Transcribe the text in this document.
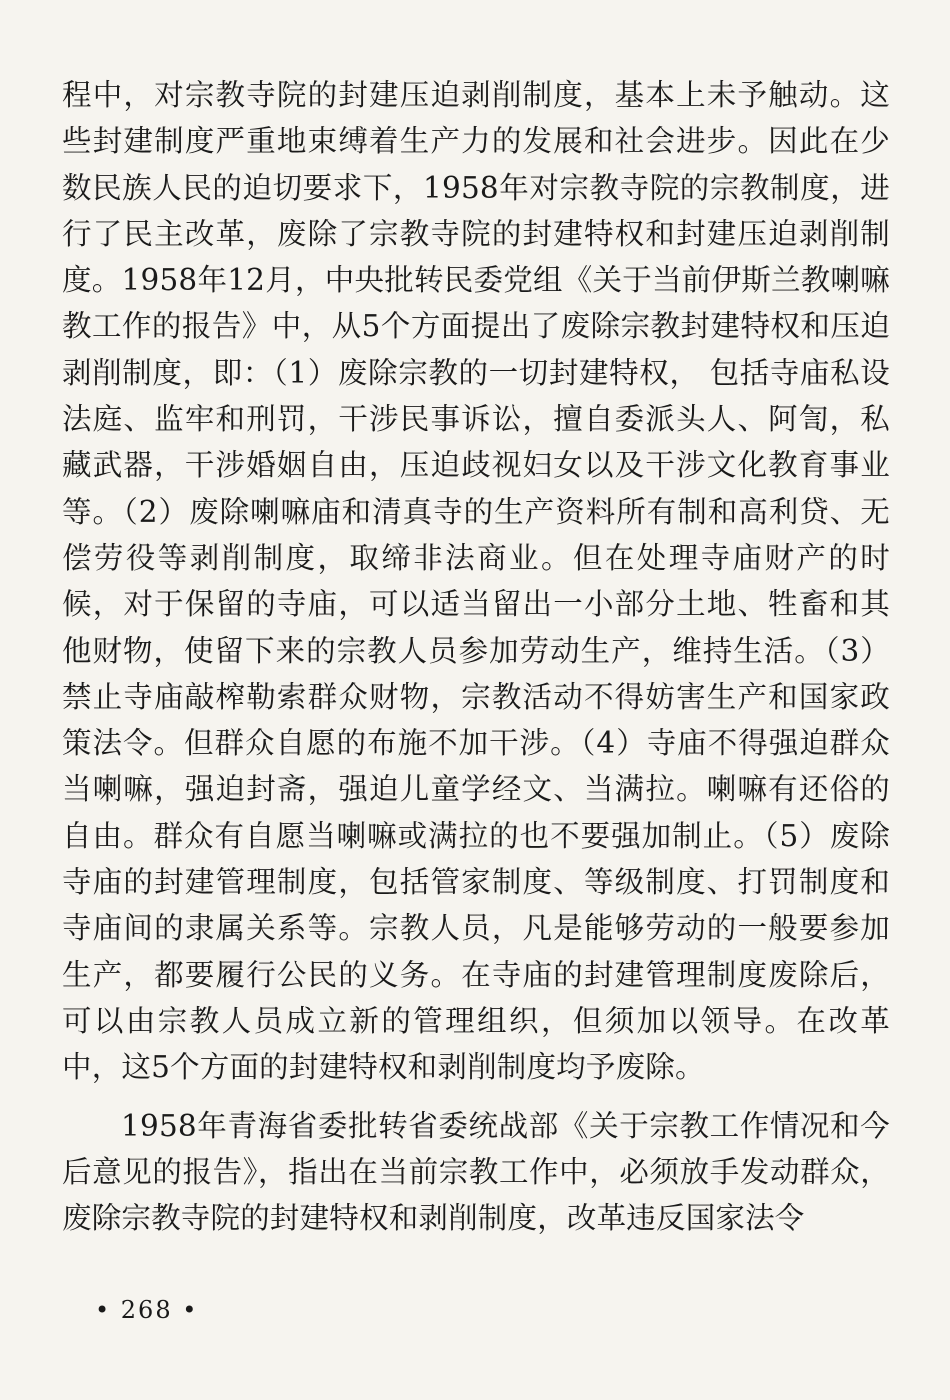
程中，对宗教寺院的封建压迫剥削制度，基本上未予触动。这些封建制度严重地束缚着生产力的发展和社会进步。因此在少数民族人民的迫切要求下，1958年对宗教寺院的宗教制度，进行了民主改革，废除了宗教寺院的封建特权和封建压迫剥削制度。1958年12月，中央批转民委党组《关于当前伊斯兰教喇嘛教工作的报告》中，从5个方面提出了废除宗教封建特权和压迫剥削制度，即：（1）废除宗教的一切封建特权， 包括寺庙私设法庭、监牢和刑罚，干涉民事诉讼，擅自委派头人、阿訇，私藏武器，干涉婚姻自由，压迫歧视妇女以及干涉文化教育事业等。（2）废除喇嘛庙和清真寺的生产资料所有制和高利贷、无偿劳役等剥削制度，取缔非法商业。但在处理寺庙财产的时候，对于保留的寺庙，可以适当留出一小部分土地、牲畜和其他财物，使留下来的宗教人员参加劳动生产，维持生活。（3）禁止寺庙敲榨勒索群众财物，宗教活动不得妨害生产和国家政策法令。但群众自愿的布施不加干涉。（4）寺庙不得强迫群众当喇嘛，强迫封斋，强迫儿童学经文、当满拉。喇嘛有还俗的自由。群众有自愿当喇嘛或满拉的也不要强加制止。（5）废除寺庙的封建管理制度，包括管家制度、等级制度、打罚制度和寺庙间的隶属关系等。宗教人员，凡是能够劳动的一般要参加生产，都要履行公民的义务。在寺庙的封建管理制度废除后，可以由宗教人员成立新的管理组织，但须加以领导。在改革中，这5个方面的封建特权和剥削制度均予废除。

1958年青海省委批转省委统战部《关于宗教工作情况和今后意见的报告》，指出在当前宗教工作中，必须放手发动群众，废除宗教寺院的封建特权和剥削制度，改革违反国家法令

• 268 •
